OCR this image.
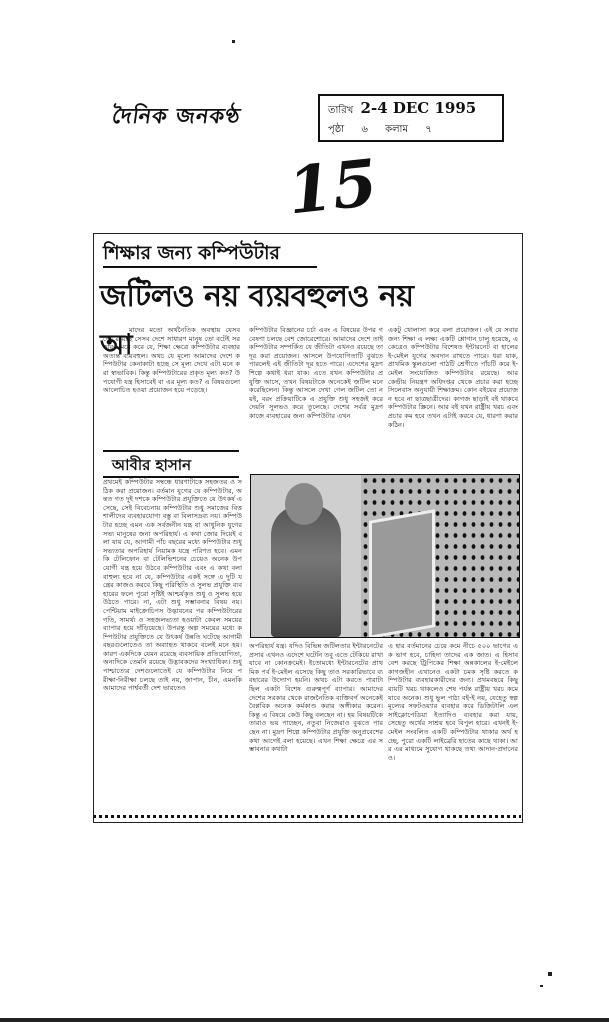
দৈনিক জনকণ্ঠ	তারিখ 2-4 DEC 1995
পৃষ্ঠা ৬ কলাম ৭
15
শিক্ষার জন্য কম্পিউটার
জটিলও নয় ব্যয়বহুলও নয়
আ
মাদের মতো অর্থনৈতিক অবস্থায় যেসব দেশ রয়েছে সেসব দেশে সাধারণ মানুষ তো বটেই সরকারও মনে করে যে, শিক্ষা ক্ষেত্রে কম্পিউটার ব্যবহার অত্যন্ত ব্যয়বহুল। অথচ যে মূল্যে আমাদের দেশে কম্পিউটার কেনাকাটা হচ্ছে সে মূল্য দেখে এটা মনে করা স্বাভাবিক। কিন্তু কম্পিউটারের প্রকৃত মূল্য কত? উপযোগী যন্ত্র হিসাবেই বা এর মূল্য কত? এ বিষয়গুলো আলোচিত হওয়া প্রয়োজন হয়ে পড়েছে।
আবীর হাসান
প্রথমেই কম্পিউটার সম্বন্ধে ধারণাটাকে সহজতর ও সঠিক করা প্রয়োজন। বর্তমান যুগের যে কম্পিউটার, অন্তত গত দুই দশকে কম্পিউটার প্রযুক্তিতে যে উৎকর্ষ এসেছে, সেই বিবেচনায় কম্পিউটার শুধু সমাজের বিত্তশালীদের ব্যবহারযোগ্য বস্তু বা বিলাসদ্রব্য নয়। কম্পিউটার হচ্ছে এমন এক সর্বজনীন যন্ত্র যা আধুনিক যুগের সভ্য মানুষের জন্য অপরিহার্য। এ কথা জোর দিয়েই বলা যায় যে, আগামী পাঁচ বছরের মধ্যে কম্পিউটার শুধু সভ্যতার অপরিহার্য নিয়ামক যন্ত্রে পরিণত হবে। এমনকি টেলিফোন বা টেলিভিশনের চেয়েও অনেক উপযোগী যন্ত্র হয়ে উঠবে কম্পিউটার এবং এ কথা বলা বাহুল্য হবে না যে, কম্পিউটার একই সঙ্গে এ দুটি যন্ত্রের কাজও করবে কিছু পরিস্থিতি ও সুলভ প্রযুক্তি ব্যবহারের ফলে পুরো সৃষ্টিই আশ্চর্যকৃত শুধু ও সুলভ হয়ে উঠতে পারে। না, এটা শুধু সম্ভাবনার বিষয় নয়। পেন্টিয়াম মাইক্রোচিপস উদ্ভাবনের পর কম্পিউটারের গতি, সামর্থ্য ও সহজলভ্যতা হওয়াটা কেবল সময়ের ব্যাপার হয়ে দাঁড়িয়েছে। উপরন্তু অল্প সময়ের মধ্যে কম্পিউটার প্রযুক্তিতে যে উৎকর্ষ উন্নতি ঘটেছে আগামী বছরগুলোতেও তা অব্যাহত থাকবে বলেই মনে হয়। কারণ একদিকে যেমন রয়েছে ব্যবসায়িক প্রতিযোগিতা, অন্যদিকে তেমনি রয়েছে উদ্ভাবকদের সংখ্যাধিক্য। শুধু পাশ্চাত্যের দেশগুলোতেই যে কম্পিউটার নিয়ে পরীক্ষা-নিরীক্ষা চলছে তাই নয়, জাপান, চীন, এমনকি আমাদের পার্শ্ববর্তী দেশ ভারতেও
কম্পিউটার বিজ্ঞানের চর্চা এবং এ বিষয়ের উপর গবেষণা চলছে বেশ জোরেশোরে। আমাদের দেশে তাই কম্পিউটার সম্পর্কিত যে জীতিটা এখনও রয়েছে তা দূর করা প্রয়োজন। আসলে উপযোগিতাটি বুঝতে পারলেই এই জীতিটা দূর হতে পারে। এদেশের মুদ্রণ শিল্পে কথাই ধরা যাক। এতে যখন কম্পিউটার প্রযুক্তি আসে, তখন বিষয়টাকে অনেকেই জটিল মনে করেছিলেন। কিন্তু আসলে দেখা গেল জটিল তো নয়ই, বরং প্রক্রিয়াটিকে এ প্রযুক্তি শুধু সহজই করে দেয়নি সুলভও করে তুলেছে। দেশের সর্বত্র মুদ্রণ কাজে ব্যবহারের জন্য কম্পিউটার এখন
একটু খোলাসা করে বলা প্রয়োজন। এই যে সবার জন্য শিক্ষা এ লক্ষ্য একটি শ্লোগান চালু হয়েছে, একেত্রেও কম্পিউটার বিশেষত ইন্টারনেট বা হালের ই-মেইল যুগের অবদান রাখতে পারে। ধরা যাক, প্রাথমিক স্কুলগুলো পাঠটি শ্রেণীতে পাঁচটি করে ই-মেইল সংযোজিত কম্পিউটার রয়েছে। আর কেন্দ্রীয় নিয়ন্ত্রণ অধিদপ্তর থেকে প্রচার করা হচ্ছে সিলেবাস অনুযায়ী শিক্ষাক্রম। কোন বইয়ের প্রয়োজন হবে না ছাত্রছাত্রীদের। কাগজ ছাড়াই বই থাকবে কম্পিউটার স্ক্রিনে। আর বই যখন রাষ্ট্রীয় খরচ এবং প্রচার কম হবে তখন এটাই করবে যে, ধারণা করার কঠিন।
অপরিহার্য যন্ত্র। যদিও বিভিন্ন জটিলতার ইন্টারনেটের প্রসার এখনও এদেশে ঘটেনি তবু এতে টেকিয়ে রাখা যাবে না কোনক্রমেই। ইতোমধ্যে ইন্টারনেটের প্রাথমিক পর্ব ই-মেইল এসেছে কিছু তাও সরকারিভাবে ব্যবহারের উদ্যোগ হয়নি। অথচ এটা করতে পারাটা ছিল একটা বিশেষ গুরুত্বপূর্ণ ব্যাপার। আমাদের দেশের সরকার থেকে রাজনৈতিক ব্যক্তিবর্গ অনেকেই বৈপ্লবিক অনেক কর্মকাণ্ড করার অঙ্গীকার করেন। কিন্তু এ বিষয়ে কেউ কিছু বলছেন না। হয় বিষয়টিকে তারাও ভয় পাচ্ছেন, নতুবা নিজেরাও বুঝতে পারছেন না। মুদ্রণ শিল্পে কম্পিউটার প্রযুক্তি অনুপ্রবেশের কথা আগেই বলা হয়েছে। এখন শিক্ষা ক্ষেত্রে এর সম্ভাবনার কথাটা
এ হার বর্তমানের চেয়ে কমে নীচে ৫০০ ভাগের এক ভাগ হবে, চাহিদা তাদের এক জাত। এ হিসাব বেশ করছে ট্রিপিকের শিক্ষা অন্নকালের ই-মেইলে কাগজহীন এখানেও একটা চমক সৃষ্টি করতে কম্পিউটার ব্যবহারকারীদের জন্য। প্রথমবছরে কিছু ব্যয়টি খরচ থাকলেও শেষ পর্যন্ত রাষ্ট্রীয় খরচ কমে যাবে অনেক। শুধু ভুল পাঠ্য বই-ই নয়, যেহেতু স্বল্প মূল্যের সফটওয়্যার ব্যবহার করে ডিজিটালি এলসাইক্লোপেডিয়া ইত্যাদিও ব্যবহার করা যায়, সেহেতু অর্থের সাশ্রয় হবে বিপুল হারে। এখনই ই-মেইল সংবলিত একটি কম্পিউটার থাকার অর্থ হচ্ছে, পুরো একটি লাইব্রেরি হাতের কাছে থাকা। আর এর মাধ্যমে সুযোগ থাকছে তথ্য আদান-প্রদানেরও।
